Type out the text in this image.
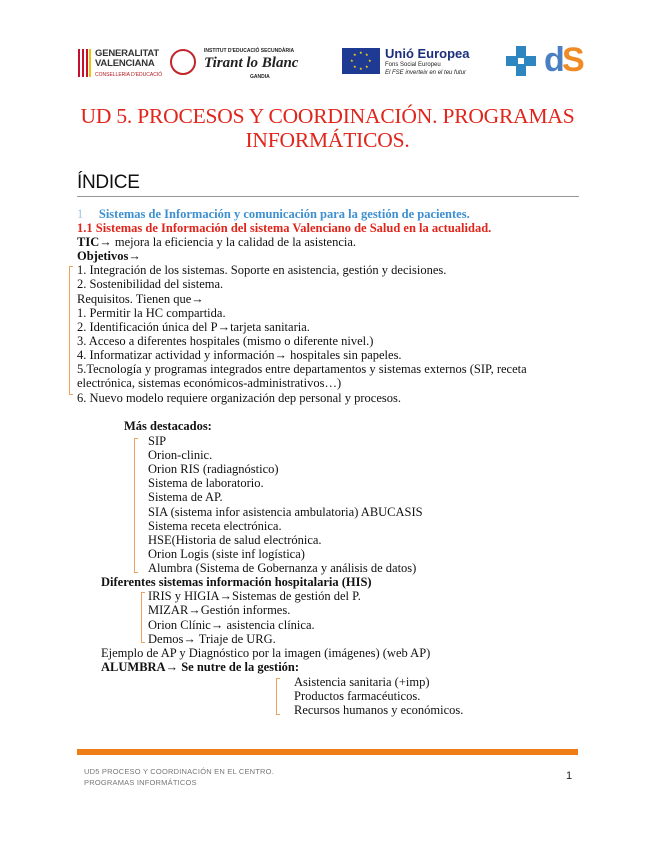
GENERALITAT
VALENCIANA
CONSELLERIA D'EDUCACIÓ
INSTITUT D'EDUCACIÓ SECUNDÀRIA
Tirant lo Blanc
GANDIA
★ ★
★
★
★
★
★
★ Unió Europea
Fons Social Europeu
El FSE inverteix en el teu futur d
S
UD 5. PROCESOS Y COORDINACIÓN. PROGRAMAS
INFORMÁTICOS.
ÍNDICE
1 Sistemas de Información y comunicación para la gestión de pacientes.
1.1 Sistemas de Información del sistema Valenciano de Salud en la actualidad.
TIC→ mejora la eficiencia y la calidad de la asistencia.
Objetivos→
1. Integración de los sistemas. Soporte en asistencia, gestión y decisiones.
2. Sostenibilidad del sistema.
Requisitos. Tienen que→
1. Permitir la HC compartida.
2. Identificación única del P→tarjeta sanitaria.
3. Acceso a diferentes hospitales (mismo o diferente nivel.)
4. Informatizar actividad y información→ hospitales sin papeles.
5.Tecnología y programas integrados entre departamentos y sistemas externos (SIP, receta
electrónica, sistemas económicos-administrativos…)
6. Nuevo modelo requiere organización dep personal y procesos.
Más destacados:
SIP
Orion-clinic.
Orion RIS (radiagnóstico)
Sistema de laboratorio.
Sistema de AP.
SIA (sistema infor asistencia ambulatoria) ABUCASIS
Sistema receta electrónica.
HSE(Historia de salud electrónica.
Orion Logis (siste inf logística)
Alumbra (Sistema de Gobernanza y análisis de datos)
Diferentes sistemas información hospitalaria (HIS)
IRIS y HIGIA→Sistemas de gestión del P.
MIZAR→Gestión informes.
Orion Clínic→ asistencia clínica.
Demos→ Triaje de URG.
Ejemplo de AP y Diagnóstico por la imagen (imágenes) (web AP)
ALUMBRA→ Se nutre de la gestión:
Asistencia sanitaria (+imp)
Productos farmacéuticos.
Recursos humanos y económicos.
UD5 PROCESO Y COORDINACIÓN EN EL CENTRO.
PROGRAMAS INFORMÁTICOS
1
